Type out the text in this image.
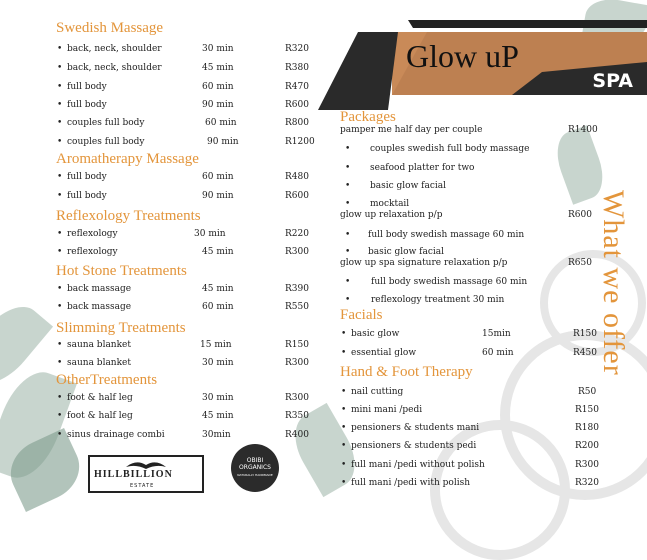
Glow uP
SPA
What we offer
Swedish Massage
Aromatherapy Massage
Reflexology Treatments
Hot Stone Treatments
Slimming Treatments
OtherTreatments
Packages
Facials
Hand & Foot Therapy
• back, neck, shoulder	30 min	R320
• back, neck, shoulder	45 min	R380
• full body	60 min	R470
• full body	90 min	R600
• couples full body	60 min	R800
• couples full body	90 min	R1200
• full body	60 min	R480
• full body	90 min	R600
• reflexology	30 min	R220
• reflexology	45 min	R300
• back massage	45 min	R390
• back massage	60 min	R550
• sauna blanket	15 min	R150
• sauna blanket	30 min	R300
• foot & half leg	30 min	R300
• foot & half leg	45 min	R350
• sinus drainage combi	30min	R400
pamper me half day per couple	R1400
• couples swedish full body massage
• seafood platter for two
• basic glow facial
• mocktail
glow up relaxation p/p	R600
• full body swedish massage 60 min
• basic glow facial
glow up spa signature relaxation p/p	R650
• full body swedish massage 60 min
• reflexology treatment 30 min
• basic glow	15min	R150
• essential glow	60 min	R450
• nail cutting	R50
• mini mani /pedi	R150
• pensioners & students mani	R180
• pensioners & students pedi	R200
• full mani /pedi without polish	R300
• full mani /pedi with polish	R320
HILLBILLION
ESTATE
OBIBI
ORGANICS
NATURALLY HANDMADE
